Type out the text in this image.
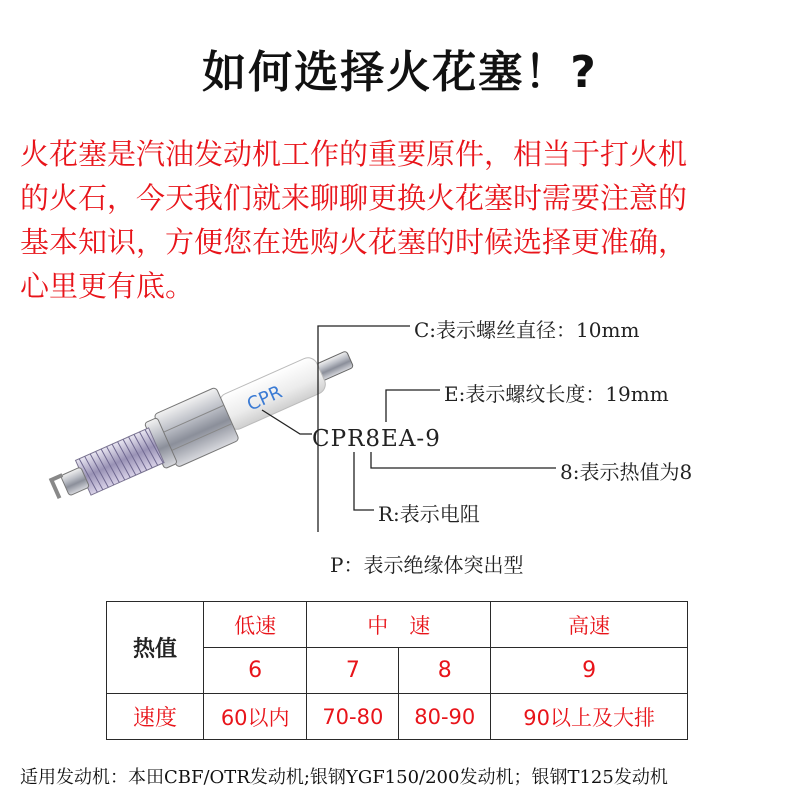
如何选择火花塞！?
火花塞是汽油发动机工作的重要原件，相当于打火机
的火石，今天我们就来聊聊更换火花塞时需要注意的
基本知识，方便您在选购火花塞的时候选择更准确，
心里更有底。
CPR
CPR8EA-9
C:表示螺丝直径：10mm
E:表示螺纹长度：19mm
8:表示热值为8
R:表示电阻
P：表示绝缘体突出型
热值	低速	中　速		高速
	6	7	8	9
速度	60以内	70-80	80-90	90以上及大排
适用发动机：本田CBF/OTR发动机;银钢YGF150/200发动机；银钢T125发动机
